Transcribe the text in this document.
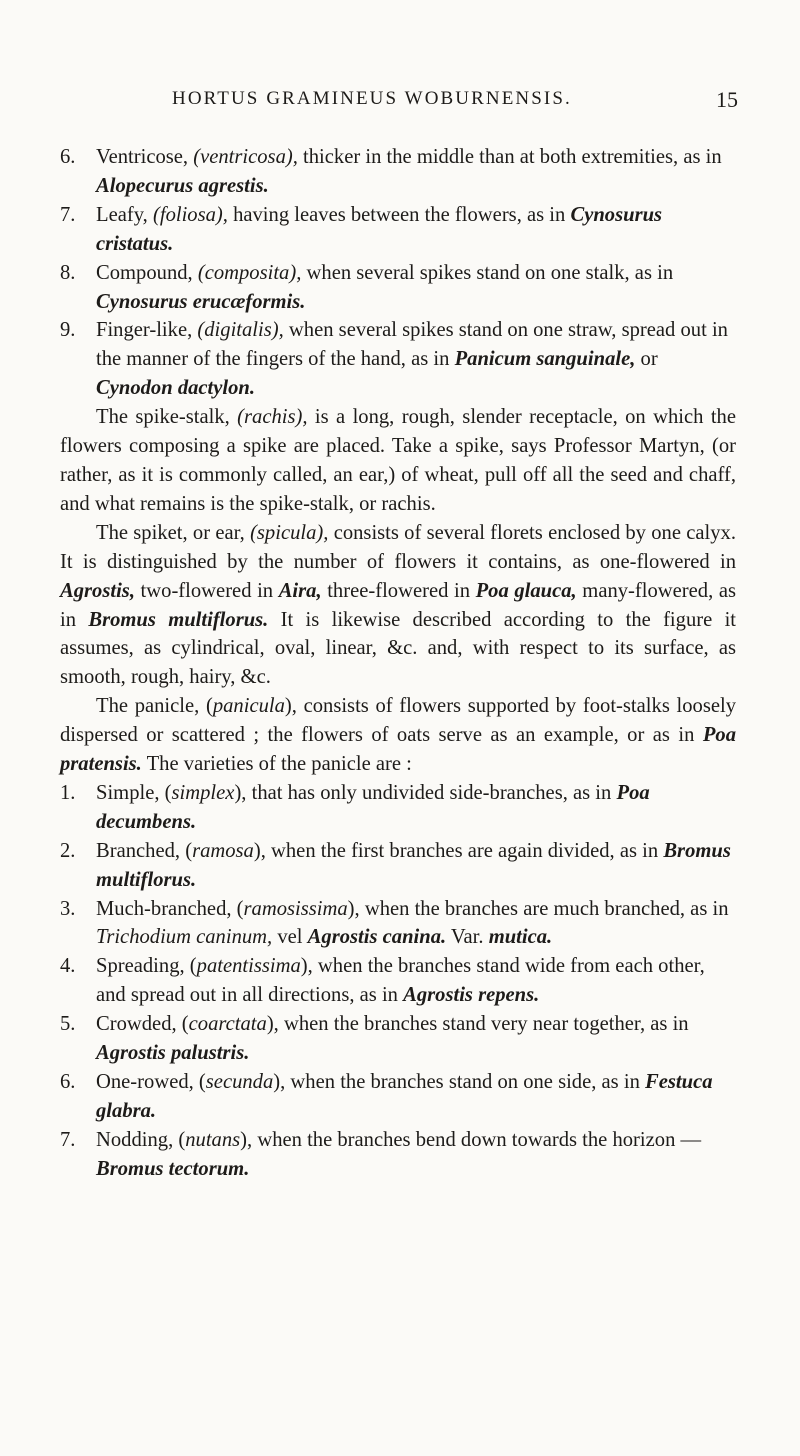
HORTUS GRAMINEUS WOBURNENSIS.	15
6. Ventricose, (ventricosa), thicker in the middle than at both extremities, as in Alopecurus agrestis.
7. Leafy, (foliosa), having leaves between the flowers, as in Cynosurus cristatus.
8. Compound, (composita), when several spikes stand on one stalk, as in Cynosurus erucæformis.
9. Finger-like, (digitalis), when several spikes stand on one straw, spread out in the manner of the fingers of the hand, as in Panicum sanguinale, or Cynodon dactylon.
The spike-stalk, (rachis), is a long, rough, slender receptacle, on which the flowers composing a spike are placed. Take a spike, says Professor Martyn, (or rather, as it is commonly called, an ear,) of wheat, pull off all the seed and chaff, and what remains is the spike-stalk, or rachis.
The spiket, or ear, (spicula), consists of several florets enclosed by one calyx. It is distinguished by the number of flowers it contains, as one-flowered in Agrostis, two-flowered in Aira, three-flowered in Poa glauca, many-flowered, as in Bromus multiflorus. It is likewise described according to the figure it assumes, as cylindrical, oval, linear, &c. and, with respect to its surface, as smooth, rough, hairy, &c.
The panicle, (panicula), consists of flowers supported by foot-stalks loosely dispersed or scattered ; the flowers of oats serve as an example, or as in Poa pratensis. The varieties of the panicle are :
1. Simple, (simplex), that has only undivided side-branches, as in Poa decumbens.
2. Branched, (ramosa), when the first branches are again divided, as in Bromus multiflorus.
3. Much-branched, (ramosissima), when the branches are much branched, as in Trichodium caninum, vel Agrostis canina. Var. mutica.
4. Spreading, (patentissima), when the branches stand wide from each other, and spread out in all directions, as in Agrostis repens.
5. Crowded, (coarctata), when the branches stand very near together, as in Agrostis palustris.
6. One-rowed, (secunda), when the branches stand on one side, as in Festuca glabra.
7. Nodding, (nutans), when the branches bend down towards the horizon — Bromus tectorum.
